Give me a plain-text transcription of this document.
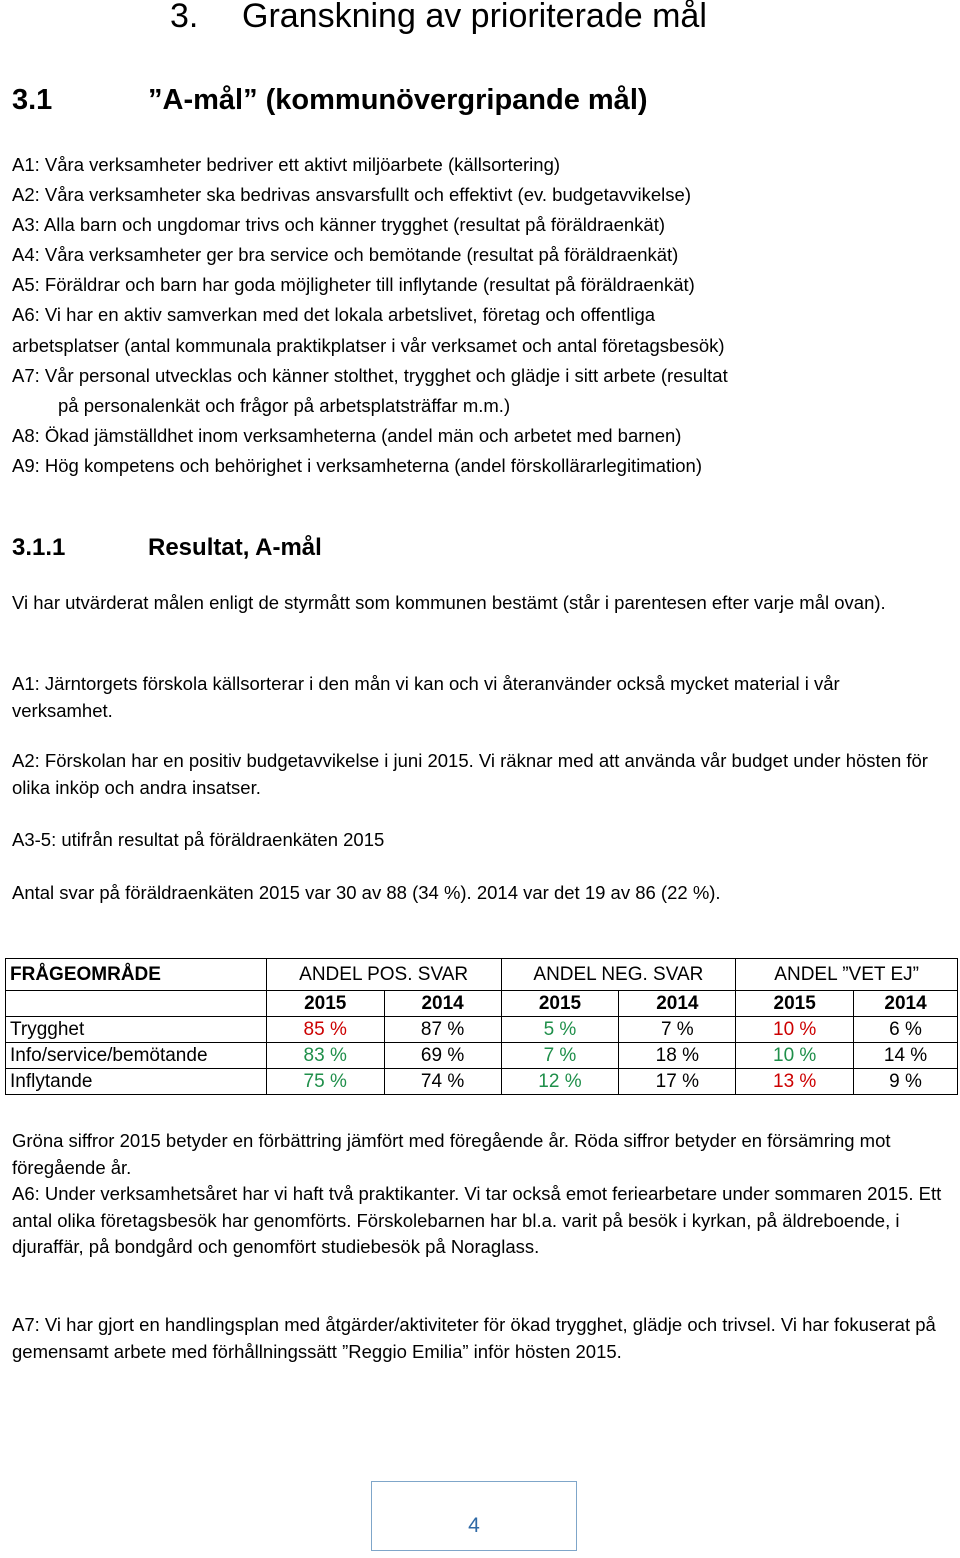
3. Granskning av prioriterade mål
3.1	”A-mål” (kommunövergripande mål)
A1: Våra verksamheter bedriver ett aktivt miljöarbete (källsortering)
A2: Våra verksamheter ska bedrivas ansvarsfullt och effektivt (ev. budgetavvikelse)
A3: Alla barn och ungdomar trivs och känner trygghet (resultat på föräldraenkät)
A4: Våra verksamheter ger bra service och bemötande (resultat på föräldraenkät)
A5: Föräldrar och barn har goda möjligheter till inflytande (resultat på föräldraenkät)
A6: Vi har en aktiv samverkan med det lokala arbetslivet, företag och offentliga
arbetsplatser (antal kommunala praktikplatser i vår verksamet och antal företagsbesök)
A7: Vår personal utvecklas och känner stolthet, trygghet och glädje i sitt arbete (resultat
på personalenkät och frågor på arbetsplatsträffar m.m.)
A8: Ökad jämställdhet inom verksamheterna (andel män och arbetet med barnen)
A9: Hög kompetens och behörighet i verksamheterna (andel förskollärarlegitimation)
3.1.1	Resultat, A-mål
Vi har utvärderat målen enligt de styrmått som kommunen bestämt (står i parentesen efter varje mål ovan).
A1: Järntorgets förskola källsorterar i den mån vi kan och vi återanvänder också mycket material i vår verksamhet.
A2: Förskolan har en positiv budgetavvikelse i juni 2015. Vi räknar med att använda vår budget under hösten för olika inköp och andra insatser.
A3-5: utifrån resultat på föräldraenkäten 2015
Antal svar på föräldraenkäten 2015 var 30 av 88 (34 %). 2014 var det 19 av 86 (22 %).
FRÅGEOMRÅDE	ANDEL POS. SVAR		ANDEL NEG. SVAR		ANDEL ”VET EJ”	
	2015	2014	2015	2014	2015	2014
Trygghet	85 %	87 %	5 %	7 %	10 %	6 %
Info/service/bemötande	83 %	69 %	7 %	18 %	10 %	14 %
Inflytande	75 %	74 %	12 %	17 %	13 %	9 %
Gröna siffror 2015 betyder en förbättring jämfört med föregående år. Röda siffror betyder en försämring mot föregående år.
A6: Under verksamhetsåret har vi haft två praktikanter. Vi tar också emot feriearbetare under sommaren 2015. Ett antal olika företagsbesök har genomförts. Förskolebarnen har bl.a. varit på besök i kyrkan, på äldreboende, i djuraffär, på bondgård och genomfört studiebesök på Noraglass.
A7: Vi har gjort en handlingsplan med åtgärder/aktiviteter för ökad trygghet, glädje och trivsel. Vi har fokuserat på gemensamt arbete med förhållningssätt ”Reggio Emilia” inför hösten 2015.
4
